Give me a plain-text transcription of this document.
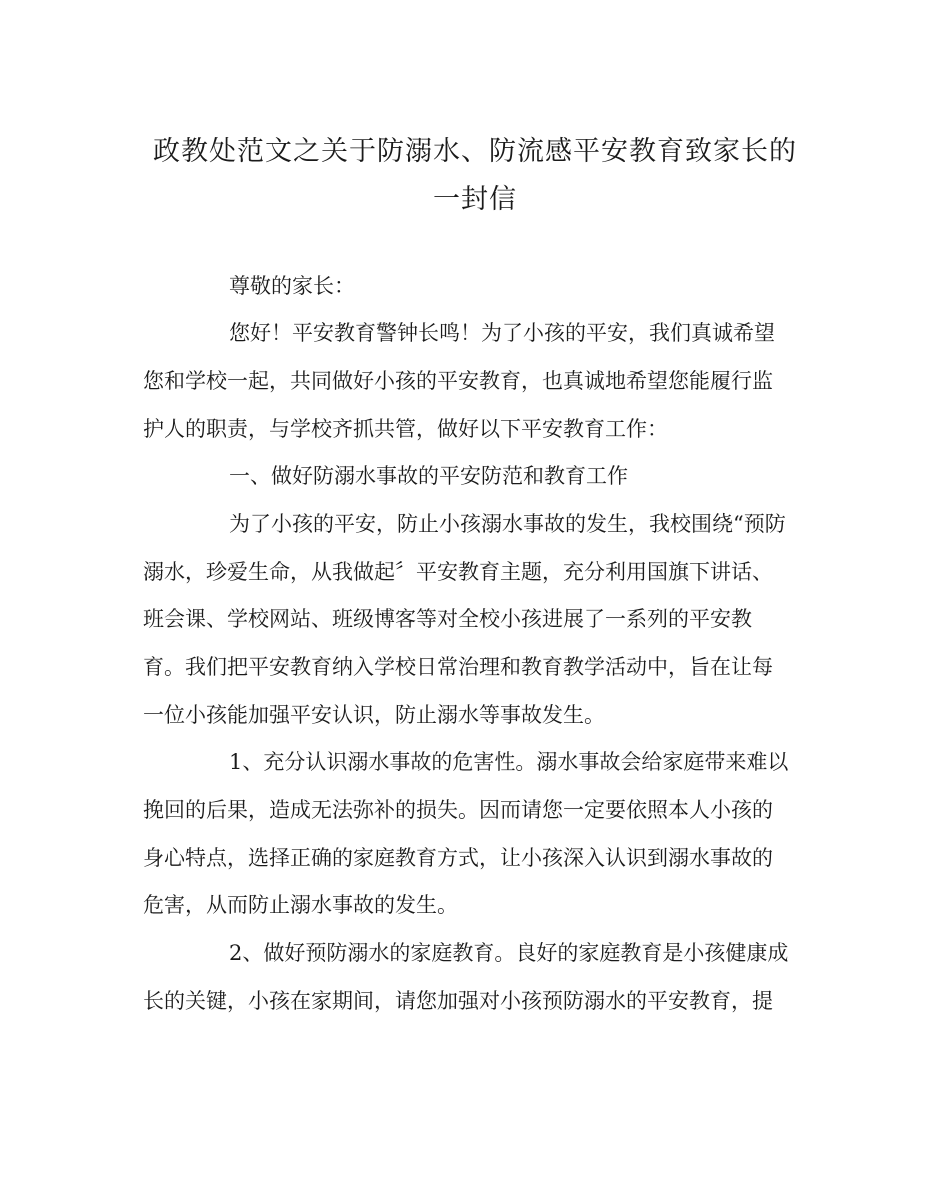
政教处范文之关于防溺水、防流感平安教育致家长的
一封信

尊敬的家长：

您好！平安教育警钟长鸣！为了小孩的平安，我们真诚希望

您和学校一起，共同做好小孩的平安教育，也真诚地希望您能履行监

护人的职责，与学校齐抓共管，做好以下平安教育工作：

一、做好防溺水事故的平安防范和教育工作

为了小孩的平安，防止小孩溺水事故的发生，我校围绕“预防

溺水，珍爱生命，从我做起〞平安教育主题，充分利用国旗下讲话、

班会课、学校网站、班级博客等对全校小孩进展了一系列的平安教

育。我们把平安教育纳入学校日常治理和教育教学活动中，旨在让每

一位小孩能加强平安认识，防止溺水等事故发生。

1、充分认识溺水事故的危害性。溺水事故会给家庭带来难以

挽回的后果，造成无法弥补的损失。因而请您一定要依照本人小孩的

身心特点，选择正确的家庭教育方式，让小孩深入认识到溺水事故的

危害，从而防止溺水事故的发生。

2、做好预防溺水的家庭教育。良好的家庭教育是小孩健康成

长的关键，小孩在家期间，请您加强对小孩预防溺水的平安教育，提
